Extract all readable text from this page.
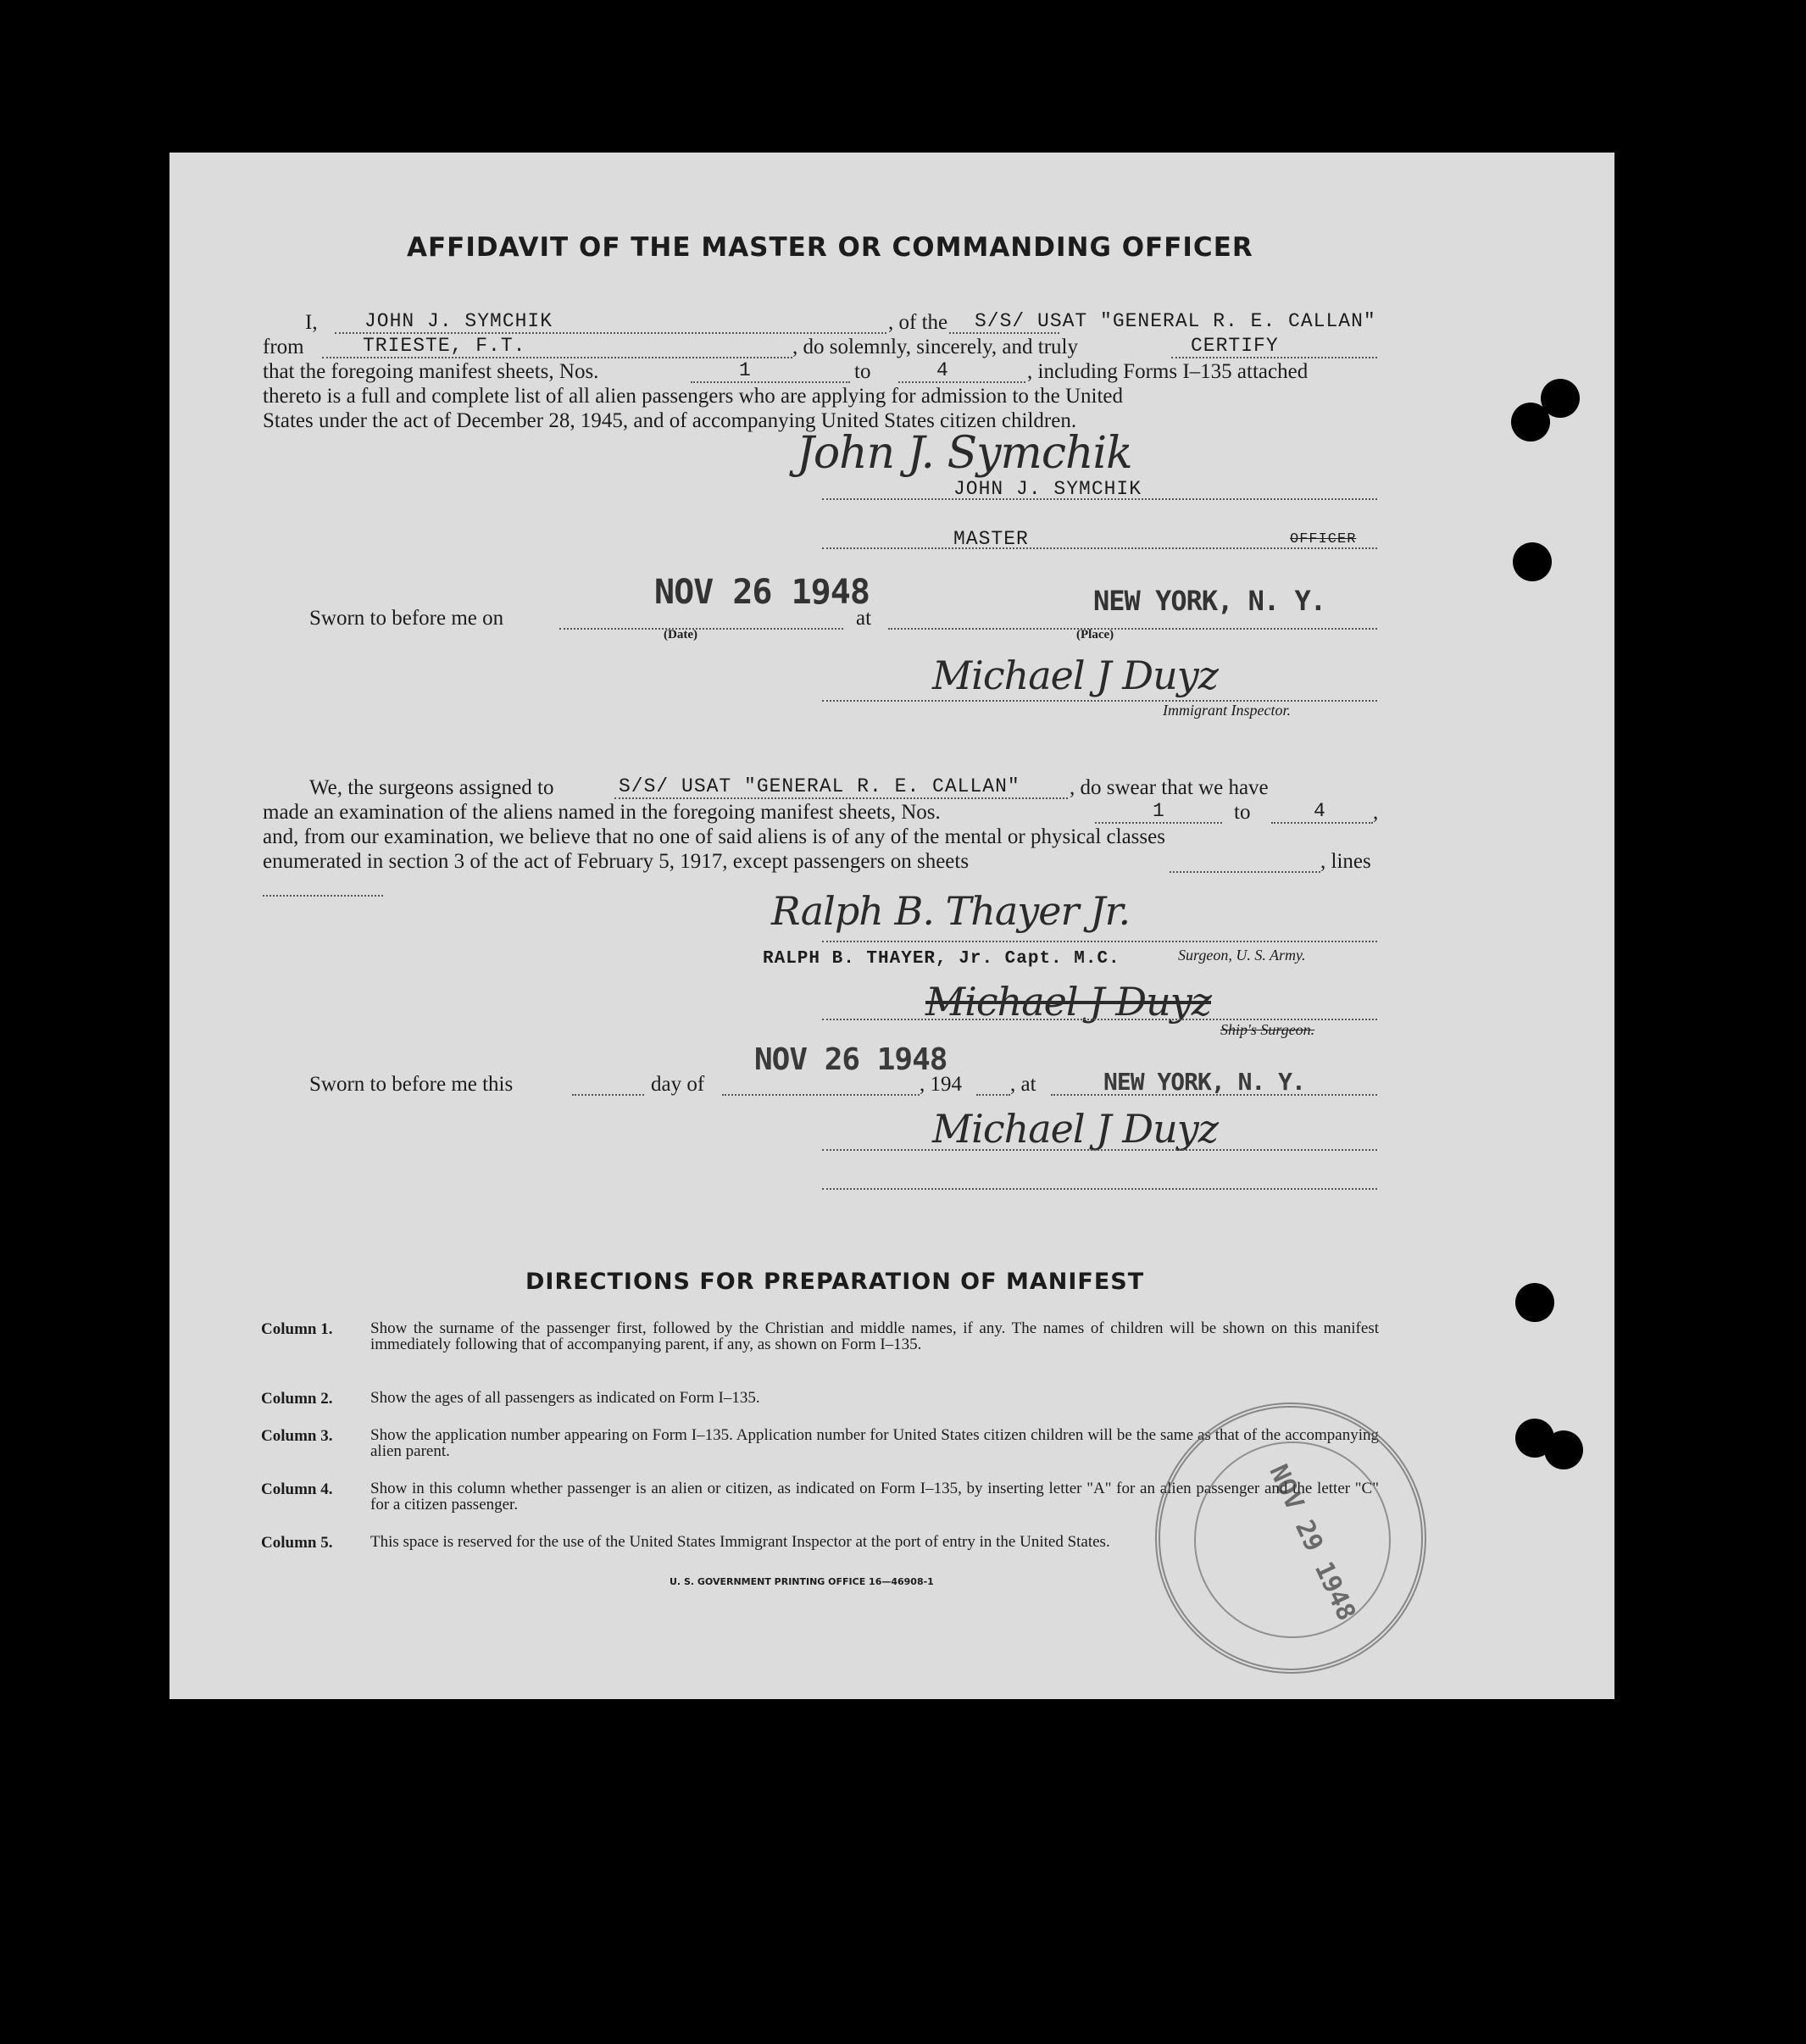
AFFIDAVIT OF THE MASTER OR COMMANDING OFFICER
I, JOHN J. SYMCHIK	, of the S/S/ USAT "GENERAL R. E. CALLAN"
from	TRIESTE, F.T.	, do solemnly, sincerely, and truly	CERTIFY
that the foregoing manifest sheets, Nos.	1	to	4	, including Forms I–135 attached
thereto is a full and complete list of all alien passengers who are applying for admission to the United
States under the act of December 28, 1945, and of accompanying United States citizen children.
John J. Symchik
JOHN J. SYMCHIK
MASTER	OFFICER
Sworn to before me on
NOV 26 1948
(Date)
at
NEW YORK, N. Y.
(Place)
Michael J Duyz
Immigrant Inspector.
We, the surgeons assigned to	S/S/ USAT "GENERAL R. E. CALLAN" , do swear that we have
made an examination of the aliens named in the foregoing manifest sheets, Nos.	1	to	4 ,
and, from our examination, we believe that no one of said aliens is of any of the mental or physical classes
enumerated in section 3 of the act of February 5, 1917, except passengers on sheets	, lines
Ralph B. Thayer Jr.
RALPH B. THAYER, Jr. Capt. M.C.	Surgeon, U. S. Army.
Michael J Duyz
Ship's Surgeon.
Sworn to before me this	day of
NOV 26 1948
, 194 , at	NEW YORK, N. Y.
Michael J Duyz
DIRECTIONS FOR PREPARATION OF MANIFEST
Column 1. Show the surname of the passenger first, followed by the Christian and middle names, if any. The names of children will be shown on this manifest immediately following that of accompanying parent, if any, as shown on Form I–135.
Column 2. Show the ages of all passengers as indicated on Form I–135.
Column 3. Show the application number appearing on Form I–135. Application number for United States citizen children will be the same as that of the accompanying alien parent.
Column 4. Show in this column whether passenger is an alien or citizen, as indicated on Form I–135, by inserting letter "A" for an alien passenger and the letter "C" for a citizen passenger.
Column 5. This space is reserved for the use of the United States Immigrant Inspector at the port of entry in the United States.
U. S. GOVERNMENT PRINTING OFFICE 16—46908-1	NOV 29 1948
